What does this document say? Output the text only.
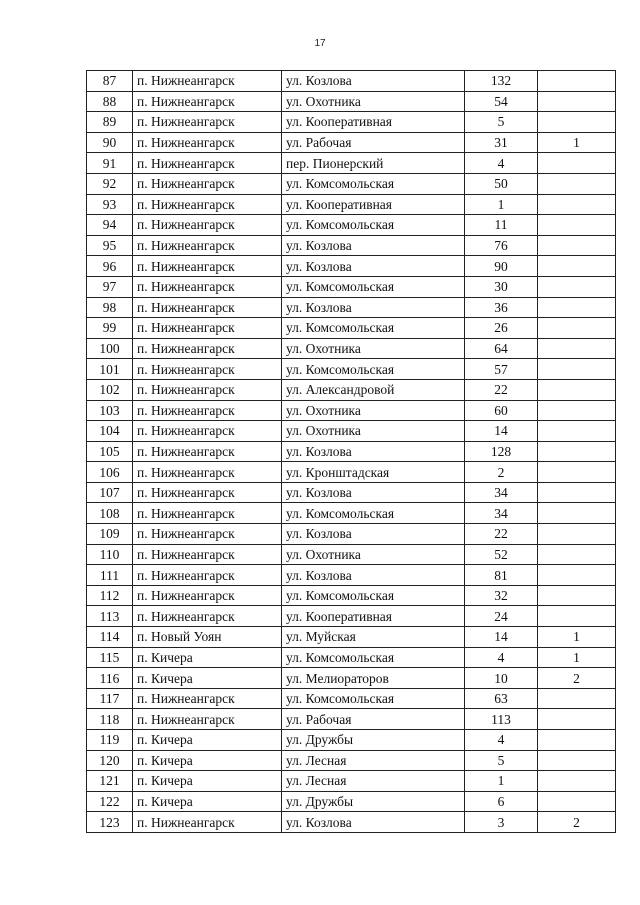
17
87	п. Нижнеангарск	ул. Козлова	132	
88	п. Нижнеангарск	ул. Охотника	54	
89	п. Нижнеангарск	ул. Кооперативная	5	
90	п. Нижнеангарск	ул. Рабочая	31	1
91	п. Нижнеангарск	пер. Пионерский	4	
92	п. Нижнеангарск	ул. Комсомольская	50	
93	п. Нижнеангарск	ул. Кооперативная	1	
94	п. Нижнеангарск	ул. Комсомольская	11	
95	п. Нижнеангарск	ул. Козлова	76	
96	п. Нижнеангарск	ул. Козлова	90	
97	п. Нижнеангарск	ул. Комсомольская	30	
98	п. Нижнеангарск	ул. Козлова	36	
99	п. Нижнеангарск	ул. Комсомольская	26	
100	п. Нижнеангарск	ул. Охотника	64	
101	п. Нижнеангарск	ул. Комсомольская	57	
102	п. Нижнеангарск	ул. Александровой	22	
103	п. Нижнеангарск	ул. Охотника	60	
104	п. Нижнеангарск	ул. Охотника	14	
105	п. Нижнеангарск	ул. Козлова	128	
106	п. Нижнеангарск	ул. Кронштадская	2	
107	п. Нижнеангарск	ул. Козлова	34	
108	п. Нижнеангарск	ул. Комсомольская	34	
109	п. Нижнеангарск	ул. Козлова	22	
110	п. Нижнеангарск	ул. Охотника	52	
111	п. Нижнеангарск	ул. Козлова	81	
112	п. Нижнеангарск	ул. Комсомольская	32	
113	п. Нижнеангарск	ул. Кооперативная	24	
114	п. Новый Уоян	ул. Муйская	14	1
115	п. Кичера	ул. Комсомольская	4	1
116	п. Кичера	ул. Мелиораторов	10	2
117	п. Нижнеангарск	ул. Комсомольская	63	
118	п. Нижнеангарск	ул. Рабочая	113	
119	п. Кичера	ул. Дружбы	4	
120	п. Кичера	ул. Лесная	5	
121	п. Кичера	ул. Лесная	1	
122	п. Кичера	ул. Дружбы	6	
123	п. Нижнеангарск	ул. Козлова	3	2
